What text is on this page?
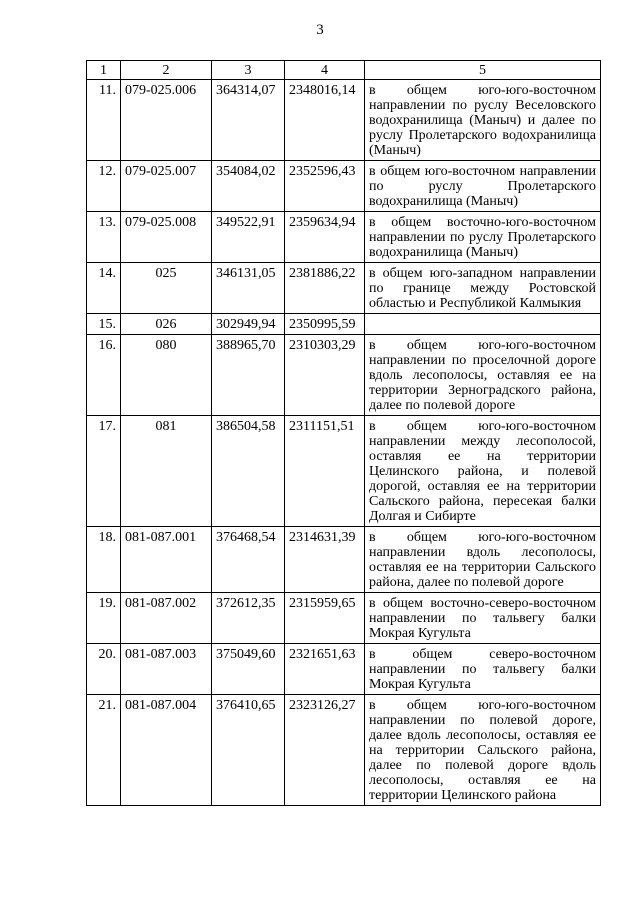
3
1	2	3	4	5
11.	079-025.006	364314,07	2348016,14	в общем юго-юго-восточном направлении по руслу Веселовского водохранилища (Маныч) и далее по руслу Пролетарского водохранилища (Маныч)
12.	079-025.007	354084,02	2352596,43	в общем юго-восточном направлении по руслу Пролетарского водохранилища (Маныч)
13.	079-025.008	349522,91	2359634,94	в общем восточно-юго-восточном направлении по руслу Пролетарского водохранилища (Маныч)
14.	025	346131,05	2381886,22	в общем юго-западном направлении по границе между Ростовской областью и Республикой Калмыкия
15.	026	302949,94	2350995,59	
16.	080	388965,70	2310303,29	в общем юго-юго-восточном направлении по проселочной дороге вдоль лесополосы, оставляя ее на территории Зерноградского района, далее по полевой дороге
17.	081	386504,58	2311151,51	в общем юго-юго-восточном направлении между лесополосой, оставляя ее на территории Целинского района, и полевой дорогой, оставляя ее на территории Сальского района, пересекая балки Долгая и Сибирте
18.	081-087.001	376468,54	2314631,39	в общем юго-юго-восточном направлении вдоль лесополосы, оставляя ее на территории Сальского района, далее по полевой дороге
19.	081-087.002	372612,35	2315959,65	в общем восточно-северо-восточном направлении по тальвегу балки Мокрая Кугульта
20.	081-087.003	375049,60	2321651,63	в общем северо-восточном направлении по тальвегу балки Мокрая Кугульта
21.	081-087.004	376410,65	2323126,27	в общем юго-юго-восточном направлении по полевой дороге, далее вдоль лесополосы, оставляя ее на территории Сальского района, далее по полевой дороге вдоль лесополосы, оставляя ее на территории Целинского района
